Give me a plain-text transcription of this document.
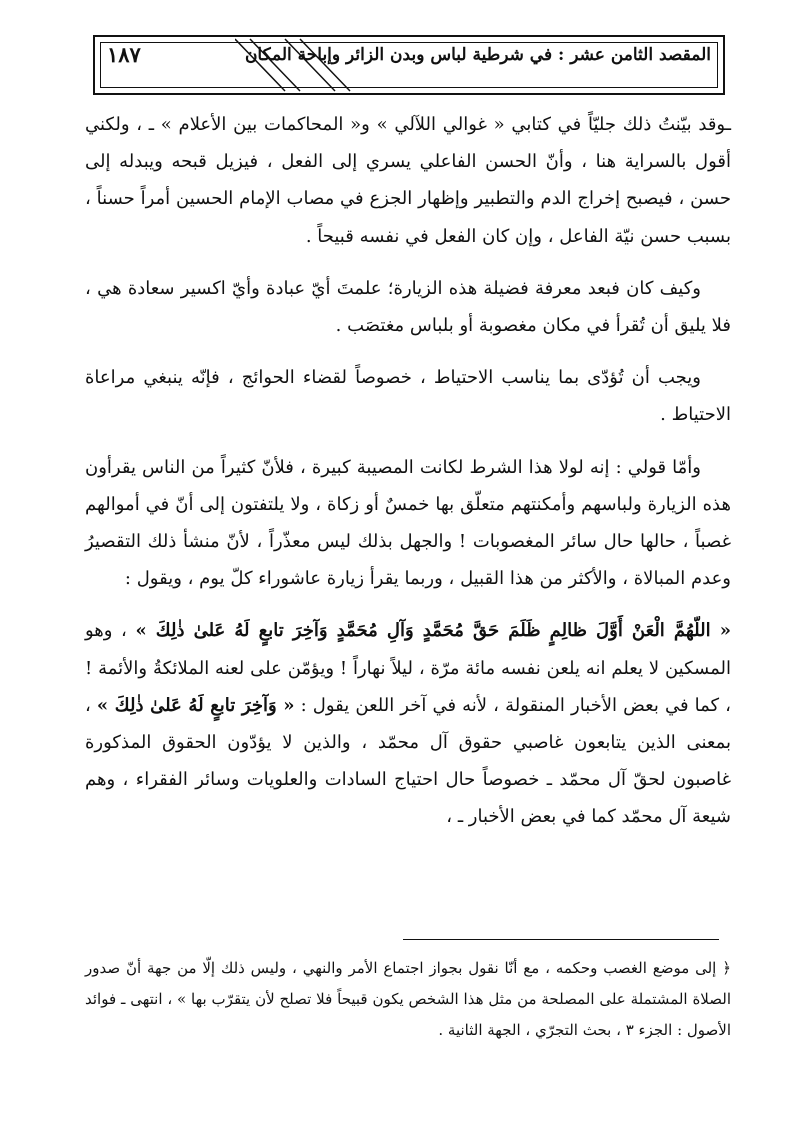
المقصد الثامن عشر : في شرطية لباس وبدن الزائر وإباحة المكان
١٨٧

ـوقد بيّنتُ ذلك جليّاً في كتابي « غوالي اللآلي » و« المحاكمات بين الأعلام » ـ ، ولكني أقول بالسراية هنا ، وأنّ الحسن الفاعلي يسري إلى الفعل ، فيزيل قبحه ويبدله إلى حسن ، فيصبح إخراج الدم والتطبير وإظهار الجزع في مصاب الإمام الحسين أمراً حسناً ، بسبب حسن نيّة الفاعل ، وإن كان الفعل في نفسه قبيحاً .

وكيف كان فبعد معرفة فضيلة هذه الزيارة؛ علمتَ أيّ عبادة وأيّ اكسير سعادة هي ، فلا يليق أن تُقرأ في مكان مغصوبة أو بلباس مغتصَب .

ويجب أن تُؤدّى بما يناسب الاحتياط ، خصوصاً لقضاء الحوائج ، فإنّه ينبغي مراعاة الاحتياط .

وأمّا قولي : إنه لولا هذا الشرط لكانت المصيبة كبيرة ، فلأنّ كثيراً من الناس يقرأون هذه الزيارة ولباسهم وأمكنتهم متعلّق بها خمسٌ أو زكاة ، ولا يلتفتون إلى أنّ في أموالهم غصباً ، حالها حال سائر المغصوبات ! والجهل بذلك ليس معذّراً ، لأنّ منشأ ذلك التقصيرُ وعدم المبالاة ، والأكثر من هذا القبيل ، وربما يقرأ زيارة عاشوراء كلّ يوم ، ويقول :

« اللّهُمَّ الْعَنْ أَوَّلَ ظالِمٍ ظَلَمَ حَقَّ مُحَمَّدٍ وَآلِ مُحَمَّدٍ وَآخِرَ تابعٍ لَهُ عَلىٰ ذٰلِكَ » ، وهو المسكين لا يعلم انه يلعن نفسه مائة مرّة ، ليلاً نهاراً ! ويؤمّن على لعنه الملائكةُ والأئمة ! ، كما في بعض الأخبار المنقولة ، لأنه في آخر اللعن يقول : « وَآخِرَ تابعٍ لَهُ عَلىٰ ذٰلِكَ » ، بمعنى الذين يتابعون غاصبي حقوق آل محمّد ، والذين لا يؤدّون الحقوق المذكورة غاصبون لحقّ آل محمّد ـ خصوصاً حال احتياج السادات والعلويات وسائر الفقراء ، وهم شيعة آل محمّد كما في بعض الأخبار ـ ،

﴿ إلى موضع الغصب وحكمه ، مع أنّا نقول بجواز اجتماع الأمر والنهي ، وليس ذلك إلّا من جهة أنّ صدور الصلاة المشتملة على المصلحة من مثل هذا الشخص يكون قبيحاً فلا تصلح لأن يتقرّب بها » ، انتهى ـ فوائد الأصول : الجزء ٣ ، بحث التجرّي ، الجهة الثانية .
